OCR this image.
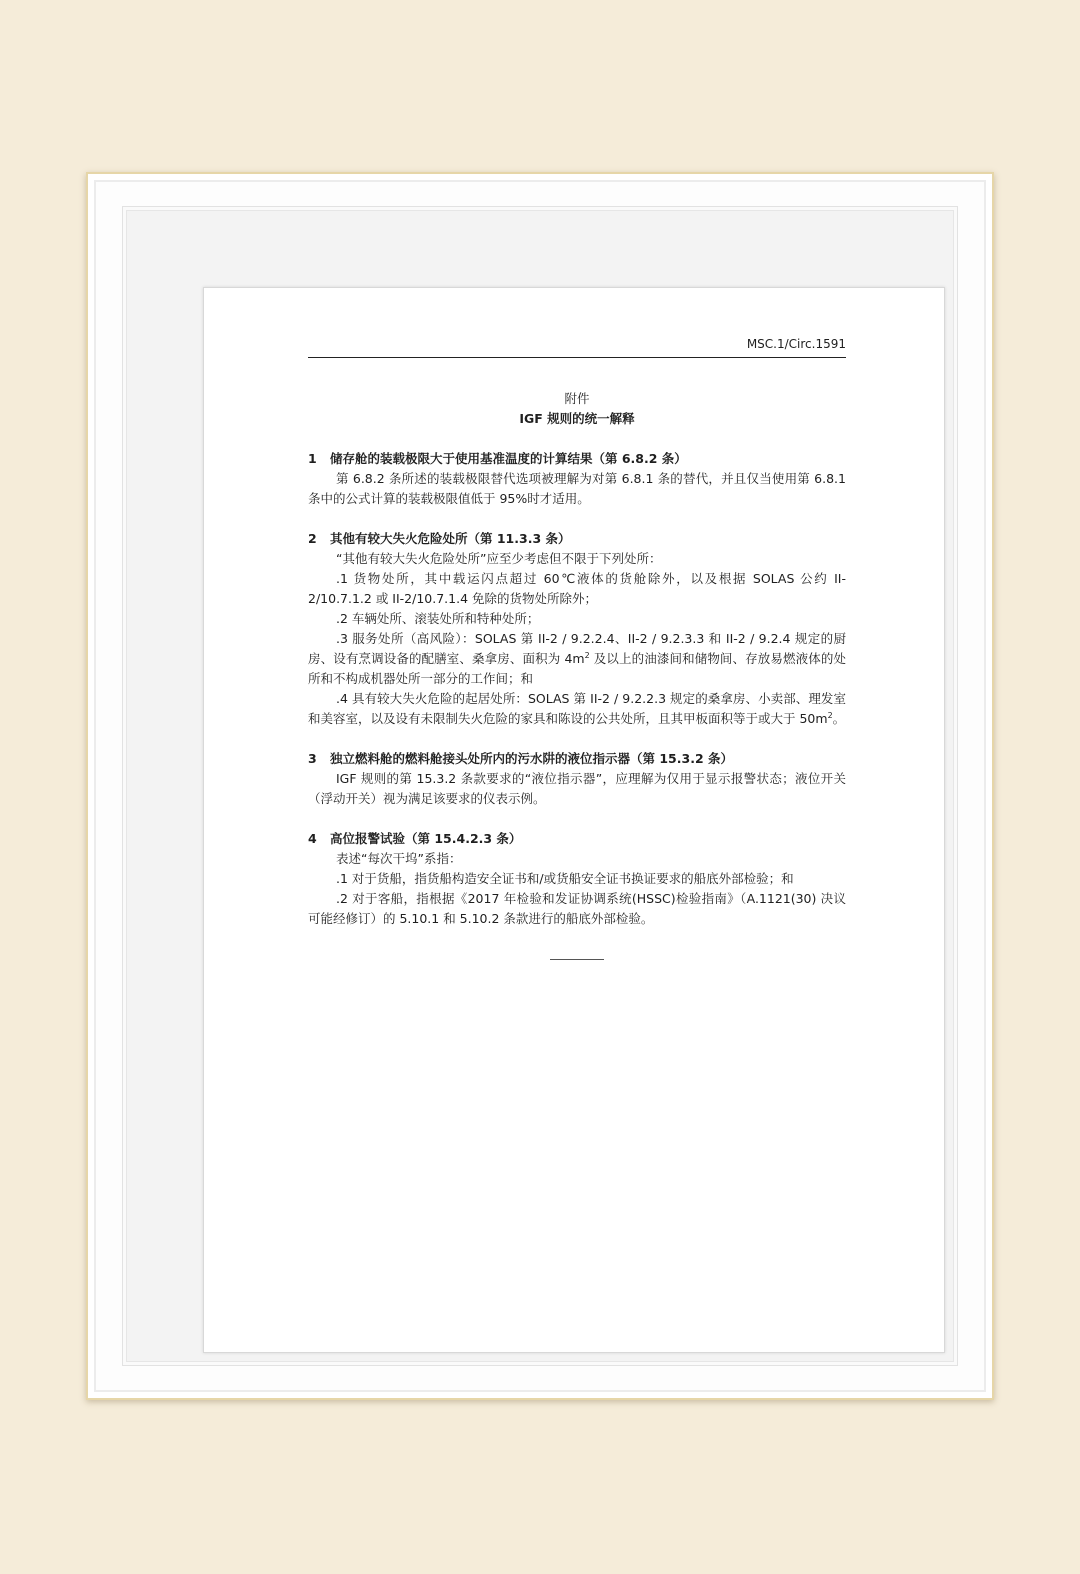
MSC.1/Circ.1591
附件
IGF 规则的统一解释
1	储存舱的装载极限大于使用基准温度的计算结果（第 6.8.2 条）

第 6.8.2 条所述的装载极限替代选项被理解为对第 6.8.1 条的替代，并且仅当使用第 6.8.1 条中的公式计算的装载极限值低于 95%时才适用。

2	其他有较大失火危险处所（第 11.3.3 条）

“其他有较大失火危险处所”应至少考虑但不限于下列处所：

.1 货物处所，其中载运闪点超过 60℃液体的货舱除外，以及根据 SOLAS 公约 II-2/10.7.1.2 或 II-2/10.7.1.4 免除的货物处所除外；

.2 车辆处所、滚装处所和特种处所；

.3 服务处所（高风险）：SOLAS 第 II-2 / 9.2.2.4、II-2 / 9.2.3.3 和 II-2 / 9.2.4 规定的厨房、设有烹调设备的配膳室、桑拿房、面积为 $4m^2$ 及以上的油漆间和储物间、存放易燃液体的处所和不构成机器处所一部分的工作间；和

.4 具有较大失火危险的起居处所：SOLAS 第 II-2 / 9.2.2.3 规定的桑拿房、小卖部、理发室和美容室，以及设有未限制失火危险的家具和陈设的公共处所，且其甲板面积等于或大于 $50m^2$。

3	独立燃料舱的燃料舱接头处所内的污水阱的液位指示器（第 15.3.2 条）

IGF 规则的第 15.3.2 条款要求的“液位指示器”，应理解为仅用于显示报警状态；液位开关（浮动开关）视为满足该要求的仪表示例。

4	高位报警试验（第 15.4.2.3 条）

表述“每次干坞”系指：

.1 对于货船，指货船构造安全证书和/或货船安全证书换证要求的船底外部检验；和

.2 对于客船，指根据《2017 年检验和发证协调系统(HSSC)检验指南》（A.1121(30) 决议可能经修订）的 5.10.1 和 5.10.2 条款进行的船底外部检验。
